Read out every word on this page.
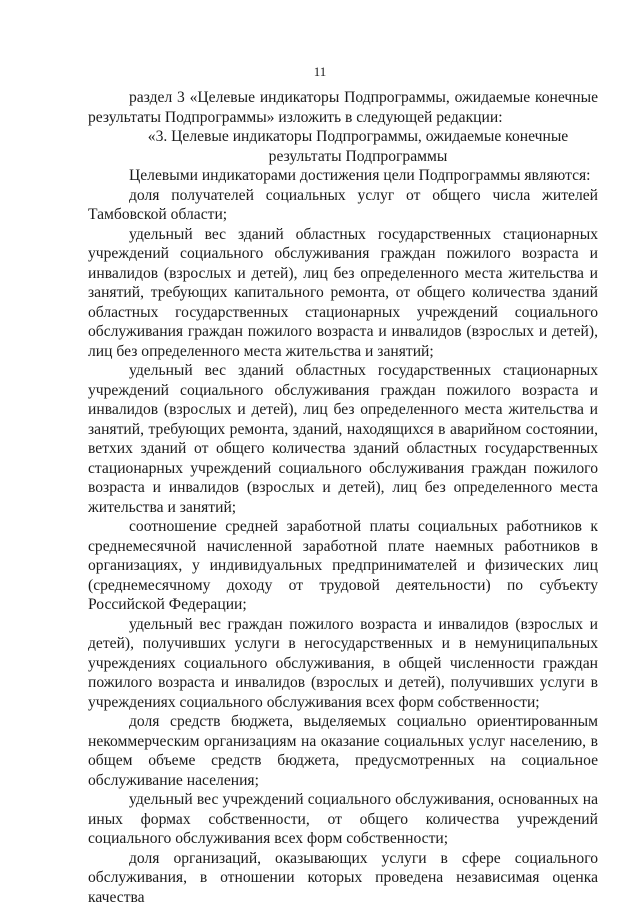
11

раздел 3 «Целевые индикаторы Подпрограммы, ожидаемые конечные результаты Подпрограммы» изложить в следующей редакции:

«3. Целевые индикаторы Подпрограммы, ожидаемые конечные
результаты Подпрограммы

Целевыми индикаторами достижения цели Подпрограммы являются:

доля получателей социальных услуг от общего числа жителей Тамбовской области;

удельный вес зданий областных государственных стационарных учреждений социального обслуживания граждан пожилого возраста и инвалидов (взрослых и детей), лиц без определенного места жительства и занятий, требующих капитального ремонта, от общего количества зданий областных государственных стационарных учреждений социального обслуживания граждан пожилого возраста и инвалидов (взрослых и детей), лиц без определенного места жительства и занятий;

удельный вес зданий областных государственных стационарных учреждений социального обслуживания граждан пожилого возраста и инвалидов (взрослых и детей), лиц без определенного места жительства и занятий, требующих ремонта, зданий, находящихся в аварийном состоянии, ветхих зданий от общего количества зданий областных государственных стационарных учреждений социального обслуживания граждан пожилого возраста и инвалидов (взрослых и детей), лиц без определенного места жительства и занятий;

соотношение средней заработной платы социальных работников к среднемесячной начисленной заработной плате наемных работников в организациях, у индивидуальных предпринимателей и физических лиц (среднемесячному доходу от трудовой деятельности) по субъекту Российской Федерации;

удельный вес граждан пожилого возраста и инвалидов (взрослых и детей), получивших услуги в негосударственных и в немуниципальных учреждениях социального обслуживания, в общей численности граждан пожилого возраста и инвалидов (взрослых и детей), получивших услуги в учреждениях социального обслуживания всех форм собственности;

доля средств бюджета, выделяемых социально ориентированным некоммерческим организациям на оказание социальных услуг населению, в общем объеме средств бюджета, предусмотренных на социальное обслуживание населения;

удельный вес учреждений социального обслуживания, основанных на иных формах собственности, от общего количества учреждений социального обслуживания всех форм собственности;

доля организаций, оказывающих услуги в сфере социального обслуживания, в отношении которых проведена независимая оценка качества
